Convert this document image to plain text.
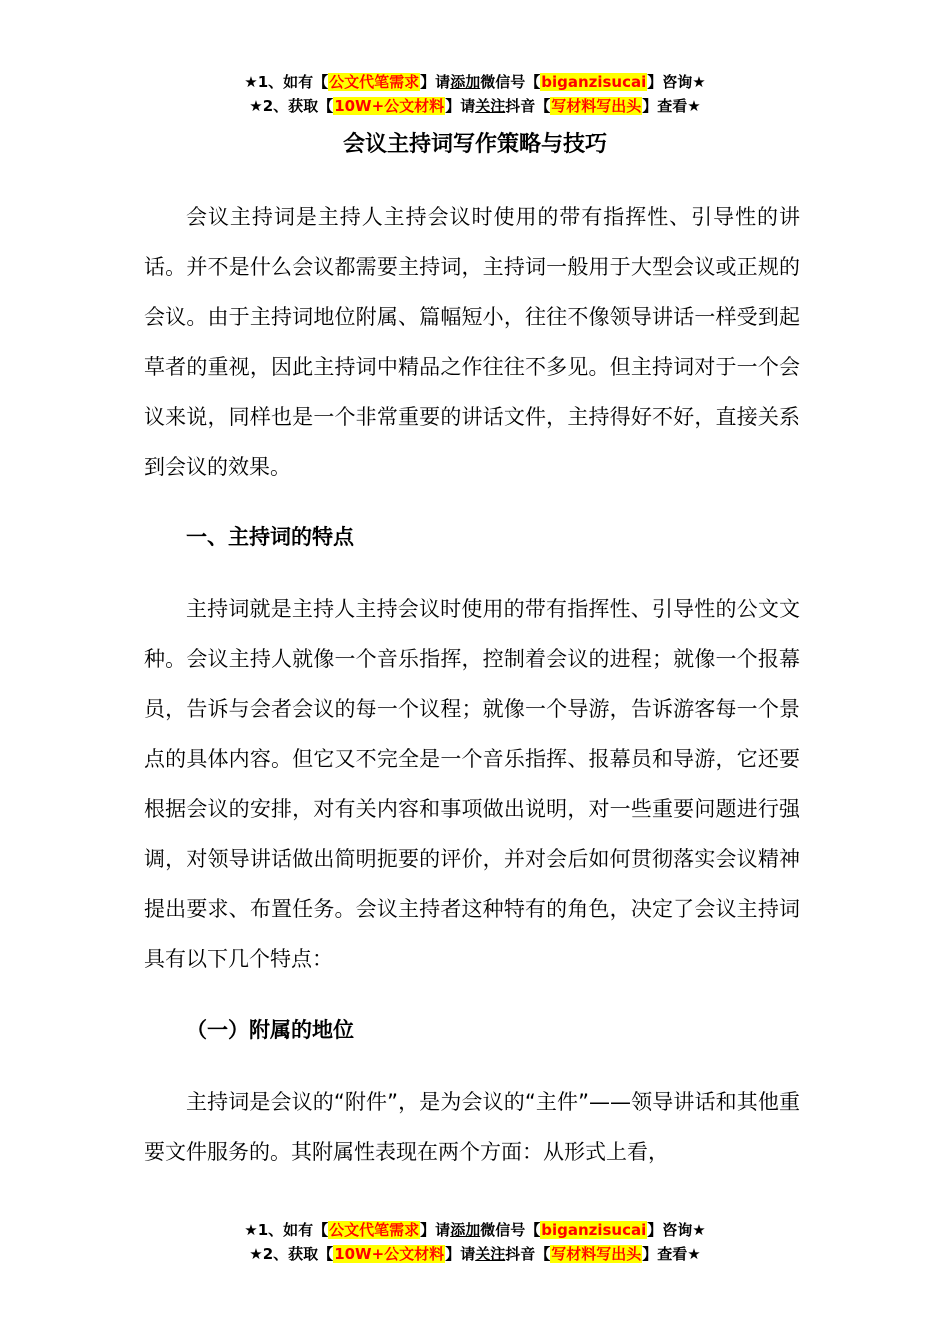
★1、如有【公文代笔需求】请添加微信号【biganzisucai】咨询★
★2、获取【10W+公文材料】请关注抖音【写材料写出头】查看★
会议主持词写作策略与技巧

会议主持词是主持人主持会议时使用的带有指挥性、引导性的讲话。并不是什么会议都需要主持词，主持词一般用于大型会议或正规的会议。由于主持词地位附属、篇幅短小，往往不像领导讲话一样受到起草者的重视，因此主持词中精品之作往往不多见。但主持词对于一个会议来说，同样也是一个非常重要的讲话文件，主持得好不好，直接关系到会议的效果。

一、主持词的特点

主持词就是主持人主持会议时使用的带有指挥性、引导性的公文文种。会议主持人就像一个音乐指挥，控制着会议的进程；就像一个报幕员，告诉与会者会议的每一个议程；就像一个导游，告诉游客每一个景点的具体内容。但它又不完全是一个音乐指挥、报幕员和导游，它还要根据会议的安排，对有关内容和事项做出说明，对一些重要问题进行强调，对领导讲话做出简明扼要的评价，并对会后如何贯彻落实会议精神提出要求、布置任务。会议主持者这种特有的角色，决定了会议主持词具有以下几个特点：

（一）附属的地位

主持词是会议的“附件”，是为会议的“主件”——领导讲话和其他重要文件服务的。其附属性表现在两个方面：从形式上看，

★1、如有【公文代笔需求】请添加微信号【biganzisucai】咨询★
★2、获取【10W+公文材料】请关注抖音【写材料写出头】查看★
